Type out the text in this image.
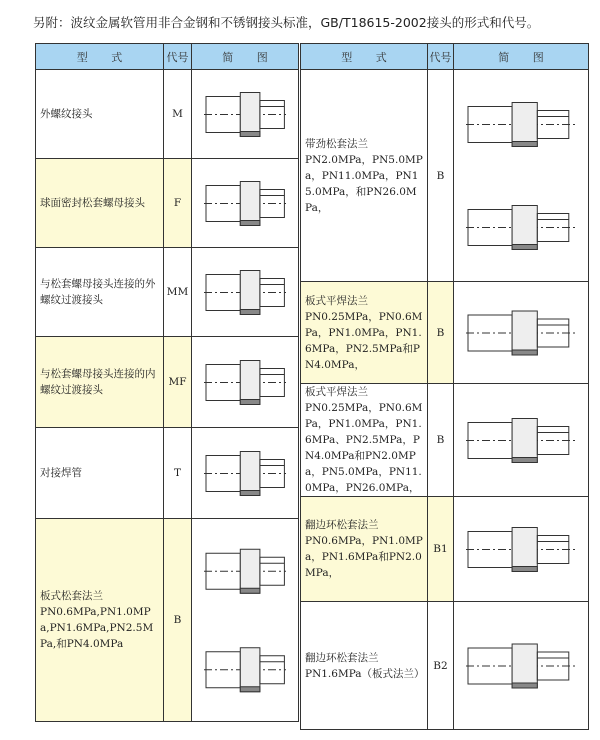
另附：波纹金属软管用非合金钢和不锈钢接头标准，GB/T18615-2002接头的形式和代号。
型 式	代号	简 图

外螺纹接头	M	

球面密封松套螺母接头	F	

与松套螺母接头连接的外螺纹过渡接头	MM	

与松套螺母接头连接的内螺纹过渡接头	MF	

对接焊管	T	

板式松套法兰
PN0.6MPa,PN1.0MPa,PN1.6MPa,PN2.5MPa,和PN4.0MPa	B	
型 式	代号	简 图

带劲松套法兰
PN2.0MPa，PN5.0MPa，PN11.0MPa，PN15.0MPa，和PN26.0MPa，	B	

板式平焊法兰
PN0.25MPa，PN0.6MPa，PN1.0MPa，PN1.6MPa，PN2.5MPa和PN4.0MPa，	B	

板式平焊法兰
PN0.25MPa，PN0.6MPa，PN1.0MPa，PN1.6MPa、PN2.5MPa，PN4.0MPa和PN2.0MPa，PN5.0MPa，PN11.0MPa，PN26.0MPa，	B	

翻边环松套法兰
PN0.6MPa，PN1.0MPa，PN1.6MPa和PN2.0MPa，	B1	

翻边环松套法兰
PN1.6MPa（板式法兰）	B2	
